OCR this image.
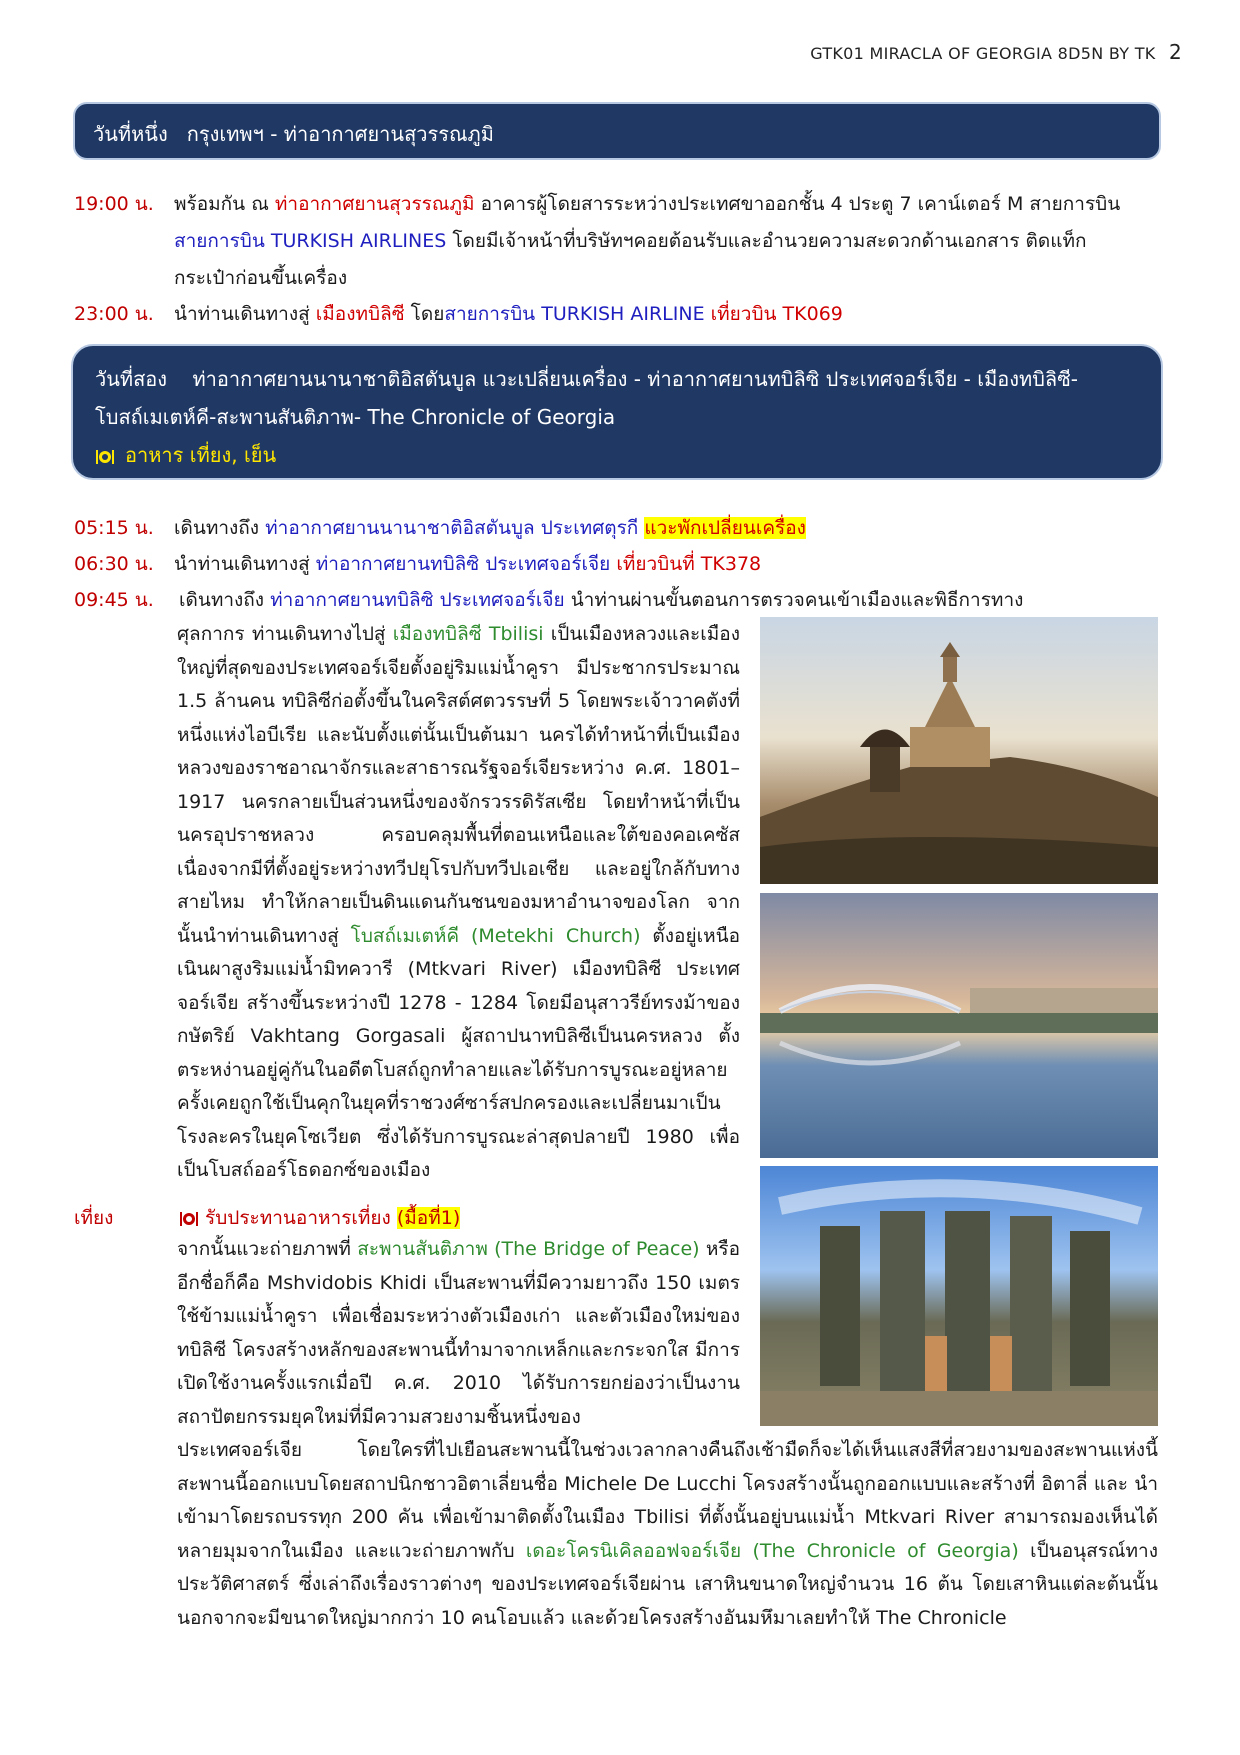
GTK01 MIRACLA OF GEORGIA 8D5N BY TK 2
วันที่หนึ่ง   กรุงเทพฯ - ท่าอากาศยานสุวรรณภูมิ
19:00 น. พร้อมกัน ณ ท่าอากาศยานสุวรรณภูมิ อาคารผู้โดยสารระหว่างประเทศขาออกชั้น 4 ประตู 7 เคาน์เตอร์ M สายการบิน
สายการบิน TURKISH AIRLINES โดยมีเจ้าหน้าที่บริษัทฯคอยต้อนรับและอำนวยความสะดวกด้านเอกสาร ติดแท็ก
กระเป๋าก่อนขึ้นเครื่อง
23:00 น. นำท่านเดินทางสู่ เมืองทบิลิซี โดยสายการบิน TURKISH AIRLINE เที่ยวบิน TK069
วันที่สอง    ท่าอากาศยานนานาชาติอิสตันบูล แวะเปลี่ยนเครื่อง - ท่าอากาศยานทบิลิซิ ประเทศจอร์เจีย - เมืองทบิลิซี-
โบสถ์เมเตห์คี-สะพานสันติภาพ- The Chronicle of Georgia
อาหาร เที่ยง, เย็น
05:15 น. เดินทางถึง ท่าอากาศยานนานาชาติอิสตันบูล ประเทศตุรกี แวะพักเปลี่ยนเครื่อง
06:30 น. นำท่านเดินทางสู่ ท่าอากาศยานทบิลิซิ ประเทศจอร์เจีย เที่ยวบินที่ TK378
09:45 น. เดินทางถึง ท่าอากาศยานทบิลิซิ ประเทศจอร์เจีย นำท่านผ่านขั้นตอนการตรวจคนเข้าเมืองและพิธีการทาง
ศุลกากร ท่านเดินทางไปสู่ เมืองทบิลิซี Tbilisi เป็นเมืองหลวงและเมืองใหญ่ที่สุดของประเทศจอร์เจียตั้งอยู่ริมแม่น้ำคูรา มีประชากรประมาณ 1.5 ล้านคน ทบิลิซีก่อตั้งขึ้นในคริสต์ศตวรรษที่ 5 โดยพระเจ้าวาคตังที่หนึ่งแห่งไอบีเรีย และนับตั้งแต่นั้นเป็นต้นมา นครได้ทำหน้าที่เป็นเมืองหลวงของราชอาณาจักรและสาธารณรัฐจอร์เจียระหว่าง ค.ศ. 1801–1917 นครกลายเป็นส่วนหนึ่งของจักรวรรดิรัสเซีย โดยทำหน้าที่เป็นนครอุปราชหลวง ครอบคลุมพื้นที่ตอนเหนือและใต้ของคอเคซัสเนื่องจากมีที่ตั้งอยู่ระหว่างทวีปยุโรปกับทวีปเอเชีย และอยู่ใกล้กับทางสายไหม ทำให้กลายเป็นดินแดนกันชนของมหาอำนาจของโลก จากนั้นนำท่านเดินทางสู่ โบสถ์เมเตห์คี (Metekhi Church) ตั้งอยู่เหนือเนินผาสูงริมแม่น้ำมิทควารี (Mtkvari River) เมืองทบิลิซี ประเทศจอร์เจีย สร้างขึ้นระหว่างปี 1278 - 1284 โดยมีอนุสาวรีย์ทรงม้าของกษัตริย์ Vakhtang Gorgasali ผู้สถาปนาทบิลิซีเป็นนครหลวง ตั้งตระหง่านอยู่คู่กันในอดีตโบสถ์ถูกทำลายและได้รับการบูรณะอยู่หลายครั้งเคยถูกใช้เป็นคุกในยุคที่ราชวงศ์ซาร์สปกครองและเปลี่ยนมาเป็นโรงละครในยุคโซเวียต ซึ่งได้รับการบูรณะล่าสุดปลายปี 1980 เพื่อเป็นโบสถ์ออร์โธดอกซ์ของเมือง
เที่ยง	รับประทานอาหารเที่ยง (มื้อที่1)
จากนั้นแวะถ่ายภาพที่ สะพานสันติภาพ (The Bridge of Peace) หรืออีกชื่อก็คือ Mshvidobis Khidi เป็นสะพานที่มีความยาวถึง 150 เมตร ใช้ข้ามแม่น้ำคูรา เพื่อเชื่อมระหว่างตัวเมืองเก่า และตัวเมืองใหม่ของทบิลิซี โครงสร้างหลักของสะพานนี้ทำมาจากเหล็กและกระจกใส มีการเปิดใช้งานครั้งแรกเมื่อปี ค.ศ. 2010 ได้รับการยกย่องว่าเป็นงานสถาปัตยกรรมยุคใหม่ที่มีความสวยงามชิ้นหนึ่งของ
ประเทศจอร์เจีย โดยใครที่ไปเยือนสะพานนี้ในช่วงเวลากลางคืนถึงเช้ามืดก็จะได้เห็นแสงสีที่สวยงามของสะพานแห่งนี้ สะพานนี้ออกแบบโดยสถาปนิกชาวอิตาเลี่ยนชื่อ Michele De Lucchi โครงสร้างนั้นถูกออกแบบและสร้างที่ อิตาลี่ และ นำเข้ามาโดยรถบรรทุก 200 คัน เพื่อเข้ามาติดตั้งในเมือง Tbilisi ที่ตั้งนั้นอยู่บนแม่น้ำ Mtkvari River สามารถมองเห็นได้หลายมุมจากในเมือง และแวะถ่ายภาพกับ เดอะโครนิเคิลออฟจอร์เจีย (The Chronicle of Georgia) เป็นอนุสรณ์ทางประวัติศาสตร์ ซึ่งเล่าถึงเรื่องราวต่างๆ ของประเทศจอร์เจียผ่าน เสาหินขนาดใหญ่จำนวน 16 ต้น โดยเสาหินแต่ละต้นนั้นนอกจากจะมีขนาดใหญ่มากกว่า 10 คนโอบแล้ว และด้วยโครงสร้างอันมหึมาเลยทำให้ The Chronicle
